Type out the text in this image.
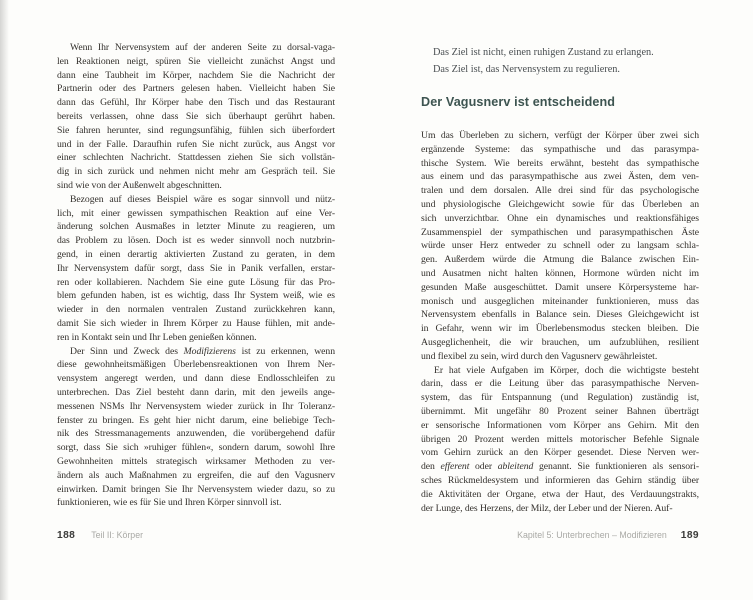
Wenn Ihr Nervensystem auf der anderen Seite zu dorsal-vaga-
len Reaktionen neigt, spüren Sie vielleicht zunächst Angst und
dann eine Taubheit im Körper, nachdem Sie die Nachricht der
Partnerin oder des Partners gelesen haben. Vielleicht haben Sie
dann das Gefühl, Ihr Körper habe den Tisch und das Restaurant
bereits verlassen, ohne dass Sie sich überhaupt gerührt haben.
Sie fahren herunter, sind regungsunfähig, fühlen sich überfordert
und in der Falle. Daraufhin rufen Sie nicht zurück, aus Angst vor
einer schlechten Nachricht. Stattdessen ziehen Sie sich vollstän-
dig in sich zurück und nehmen nicht mehr am Gespräch teil. Sie
sind wie von der Außenwelt abgeschnitten.
Bezogen auf dieses Beispiel wäre es sogar sinnvoll und nütz-
lich, mit einer gewissen sympathischen Reaktion auf eine Ver-
änderung solchen Ausmaßes in letzter Minute zu reagieren, um
das Problem zu lösen. Doch ist es weder sinnvoll noch nutzbrin-
gend, in einen derartig aktivierten Zustand zu geraten, in dem
Ihr Nervensystem dafür sorgt, dass Sie in Panik verfallen, erstar-
ren oder kollabieren. Nachdem Sie eine gute Lösung für das Pro-
blem gefunden haben, ist es wichtig, dass Ihr System weiß, wie es
wieder in den normalen ventralen Zustand zurückkehren kann,
damit Sie sich wieder in Ihrem Körper zu Hause fühlen, mit ande-
ren in Kontakt sein und Ihr Leben genießen können.
Der Sinn und Zweck des Modifizierens ist zu erkennen, wenn
diese gewohnheitsmäßigen Überlebensreaktionen von Ihrem Ner-
vensystem angeregt werden, und dann diese Endlosschleifen zu
unterbrechen. Das Ziel besteht dann darin, mit den jeweils ange-
messenen NSMs Ihr Nervensystem wieder zurück in Ihr Toleranz-
fenster zu bringen. Es geht hier nicht darum, eine beliebige Tech-
nik des Stressmanagements anzuwenden, die vorübergehend dafür
sorgt, dass Sie sich »ruhiger fühlen«, sondern darum, sowohl Ihre
Gewohnheiten mittels strategisch wirksamer Methoden zu ver-
ändern als auch Maßnahmen zu ergreifen, die auf den Vagusnerv
einwirken. Damit bringen Sie Ihr Nervensystem wieder dazu, so zu
funktionieren, wie es für Sie und Ihren Körper sinnvoll ist.
188 Teil II: Körper
Das Ziel ist nicht, einen ruhigen Zustand zu erlangen.
Das Ziel ist, das Nervensystem zu regulieren.
Der Vagusnerv ist entscheidend
Um das Überleben zu sichern, verfügt der Körper über zwei sich
ergänzende Systeme: das sympathische und das parasympa-
thische System. Wie bereits erwähnt, besteht das sympathische
aus einem und das parasympathische aus zwei Ästen, dem ven-
tralen und dem dorsalen. Alle drei sind für das psychologische
und physiologische Gleichgewicht sowie für das Überleben an
sich unverzichtbar. Ohne ein dynamisches und reaktionsfähiges
Zusammenspiel der sympathischen und parasympathischen Äste
würde unser Herz entweder zu schnell oder zu langsam schla-
gen. Außerdem würde die Atmung die Balance zwischen Ein-
und Ausatmen nicht halten können, Hormone würden nicht im
gesunden Maße ausgeschüttet. Damit unsere Körpersysteme har-
monisch und ausgeglichen miteinander funktionieren, muss das
Nervensystem ebenfalls in Balance sein. Dieses Gleichgewicht ist
in Gefahr, wenn wir im Überlebensmodus stecken bleiben. Die
Ausgeglichenheit, die wir brauchen, um aufzublühen, resilient
und flexibel zu sein, wird durch den Vagusnerv gewährleistet.
Er hat viele Aufgaben im Körper, doch die wichtigste besteht
darin, dass er die Leitung über das parasympathische Nerven-
system, das für Entspannung (und Regulation) zuständig ist,
übernimmt. Mit ungefähr 80 Prozent seiner Bahnen überträgt
er sensorische Informationen vom Körper ans Gehirn. Mit den
übrigen 20 Prozent werden mittels motorischer Befehle Signale
vom Gehirn zurück an den Körper gesendet. Diese Nerven wer-
den efferent oder ableitend genannt. Sie funktionieren als sensori-
sches Rückmeldesystem und informieren das Gehirn ständig über
die Aktivitäten der Organe, etwa der Haut, des Verdauungstrakts,
der Lunge, des Herzens, der Milz, der Leber und der Nieren. Auf-
Kapitel 5: Unterbrechen – Modifizieren 189
